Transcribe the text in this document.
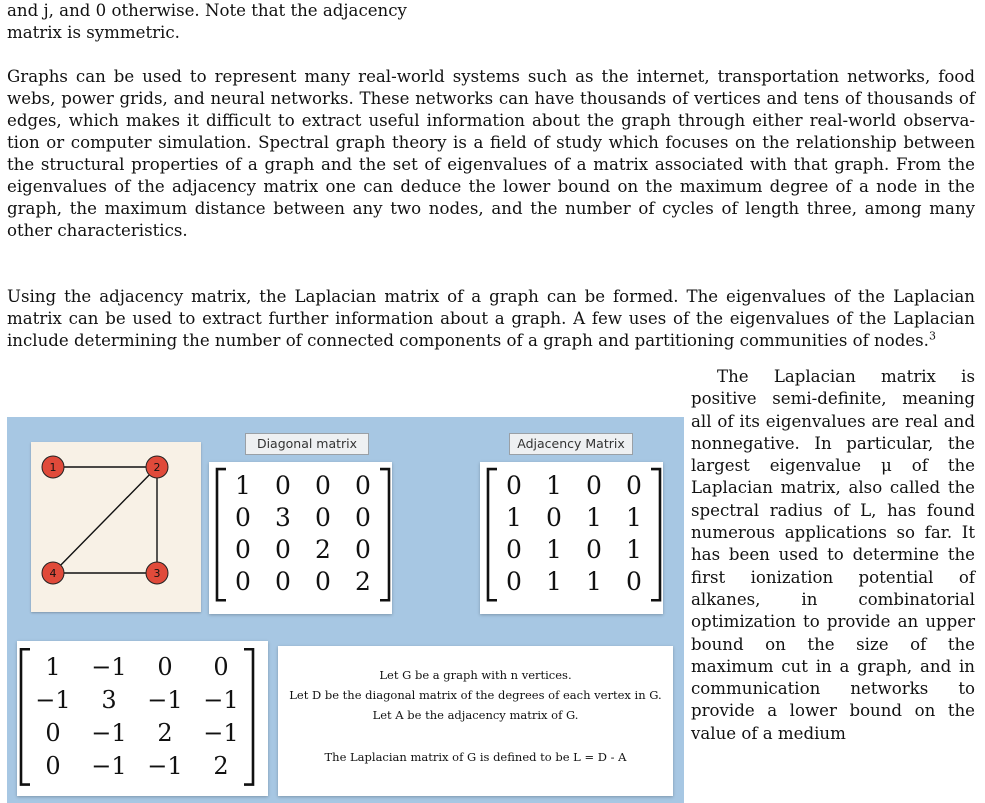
and j, and 0 otherwise. Note that the adjacency
matrix is symmetric.

Graphs can be used to represent many real-world systems such as the internet, transportation networks, food webs, power grids, and neural networks. These networks can have thousands of vertices and tens of thousands of edges, which makes it difficult to extract useful information about the graph through either real-world observation or computer simulation. Spectral graph theory is a field of study which focuses on the relationship between the structural properties of a graph and the set of eigenvalues of a matrix associated with that graph. From the eigenvalues of the adjacency matrix one can deduce the lower bound on the maximum degree of a node in the graph, the maximum distance between any two nodes, and the number of cycles of length three, among many other characteristics.

Using the adjacency matrix, the Laplacian matrix of a graph can be formed. The eigenvalues of the Laplacian matrix can be used to extract further information about a graph. A few uses of the eigenvalues of the Laplacian include determining the number of connected components of a graph and partitioning communities of nodes.$^3$

The Laplacian matrix is positive semi-definite, meaning all of its eigenvalues are real and nonnegative. In particular, the largest eigenvalue μ of the Laplacian matrix, also called the spectral radius of L, has found numerous applications so far. It has been used to determine the first ionization potential of alkanes, in combinatorial optimization to provide an upper bound on the size of the maximum cut in a graph, and in communication networks to provide a lower bound on the value of a medium

1	2
3
4
Diagonal matrix	Adjacency Matrix
1 0 0 0
0 3 0 0
0 0 2 0
0 0 0 2
0 1 0 0
1 0 1 1
0 1 0 1
0 1 1 0
1 −1 0 0
−1 3 −1 −1
0 −1 2 −1
0 −1 −1 2
Let G be a graph with n vertices.
Let D be the diagonal matrix of the degrees of each vertex in G.
Let A be the adjacency matrix of G.
The Laplacian matrix of G is defined to be L = D - A
